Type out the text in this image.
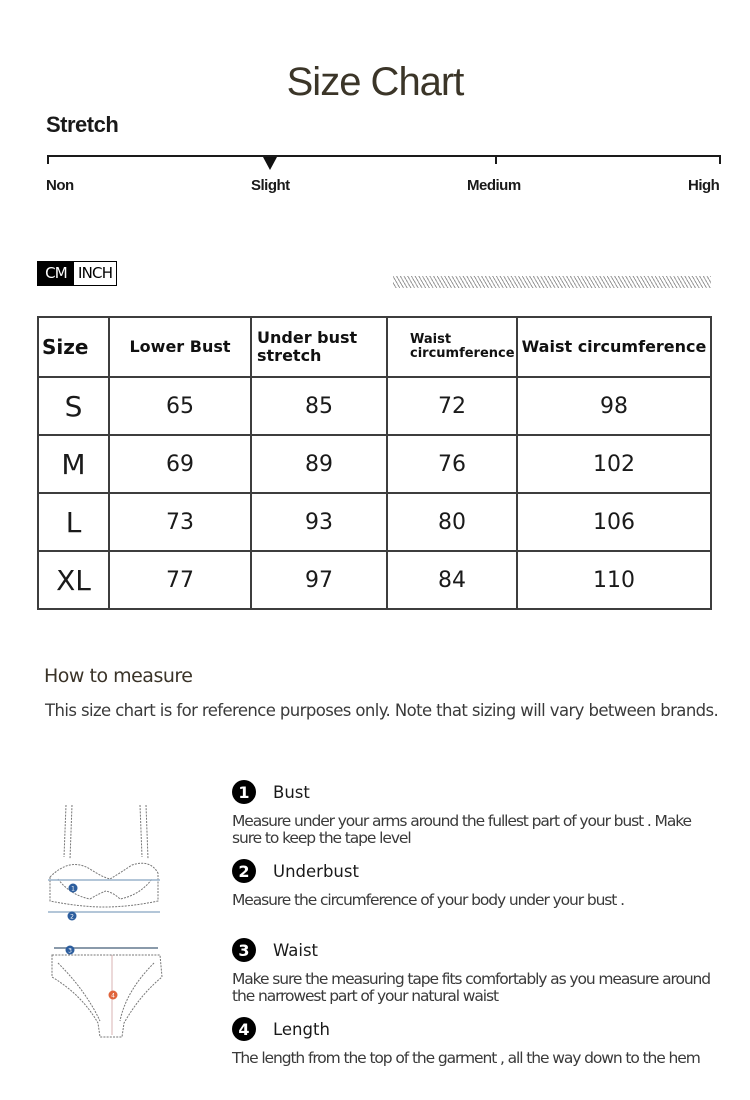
Size Chart
Stretch
Non	Slight	Medium	High
CM INCH
Size	Lower Bust	Under bust stretch	Waist circumference	Waist circumference
S	65	85	72	98
M	69	89	76	102
L	73	93	80	106
XL	77	97	84	110
How to measure
This size chart is for reference purposes only. Note that sizing will vary between brands.
1
2
3
4
1	Bust
Measure under your arms around the fullest part of your bust . Make sure to keep the tape level
2	Underbust
Measure the circumference of your body under your bust .
3	Waist
Make sure the measuring tape fits comfortably as you measure around the narrowest part of your natural waist
4	Length
The length from the top of the garment , all the way down to the hem
